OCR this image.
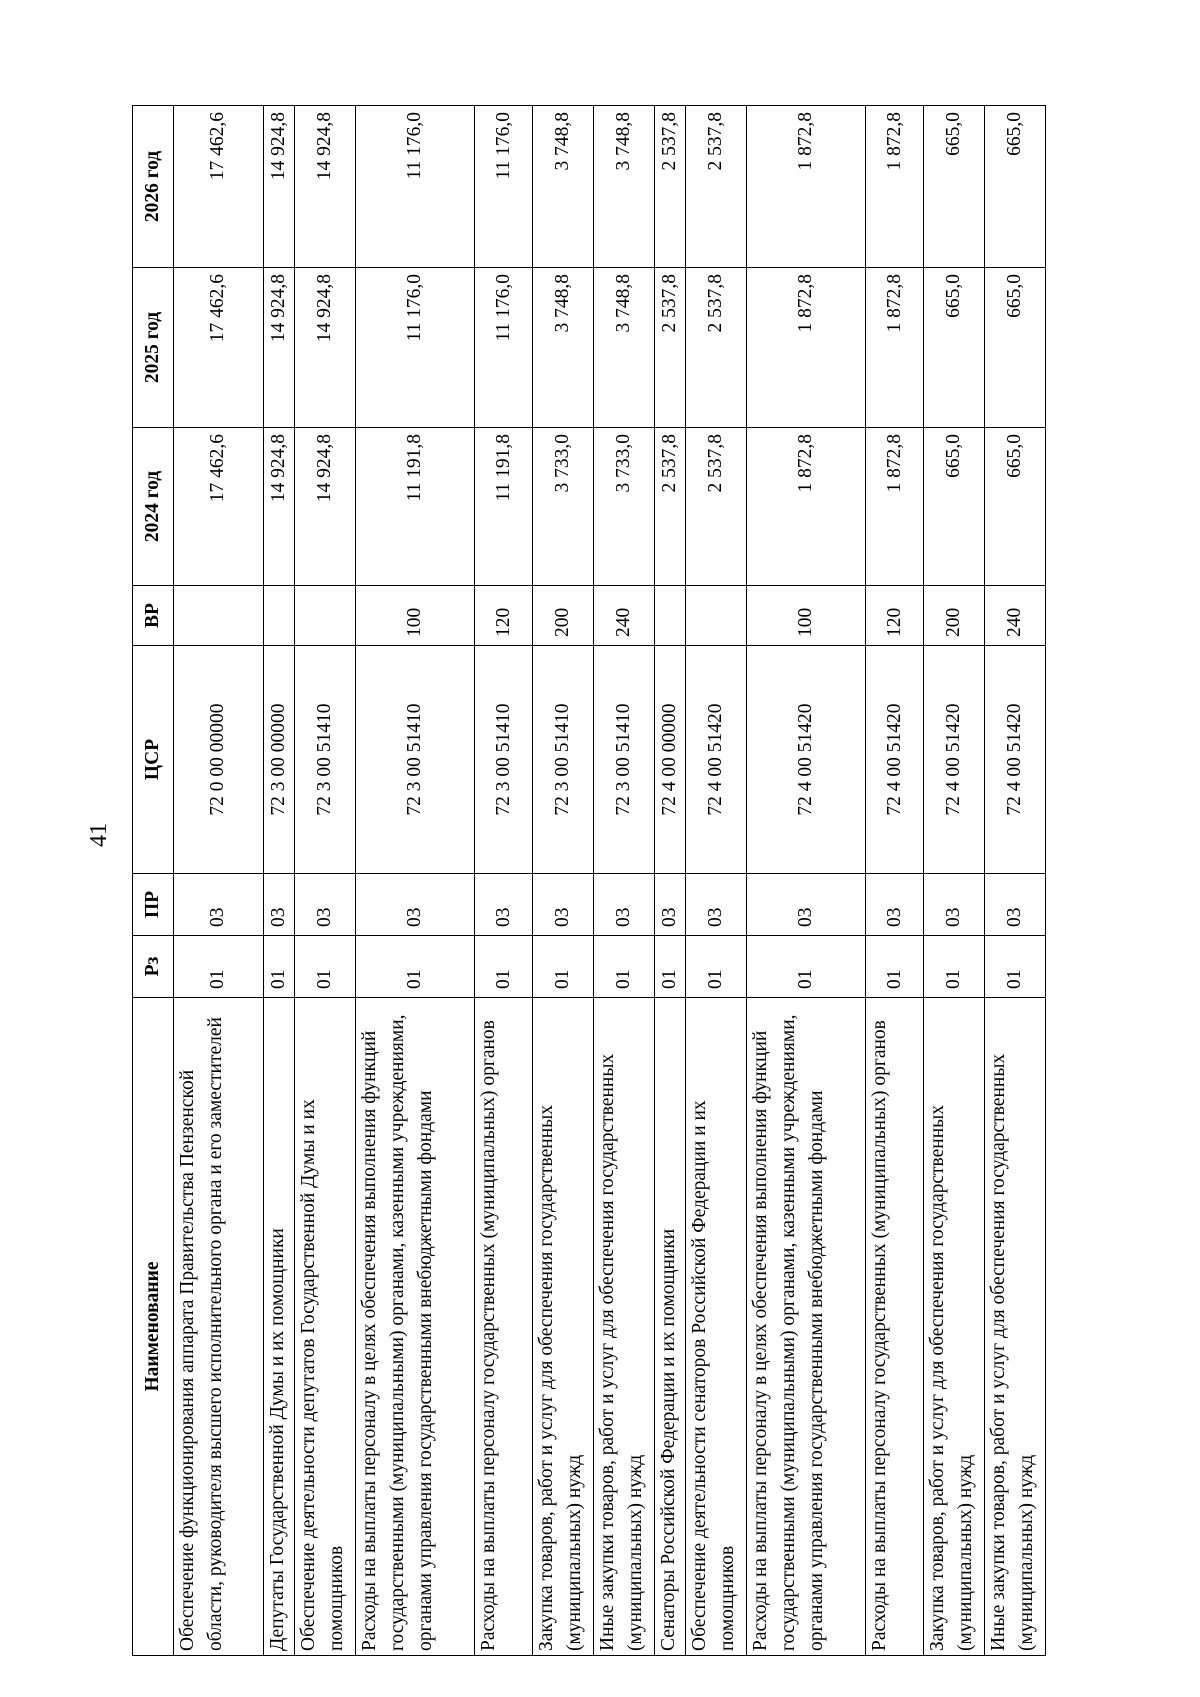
41
Наименование	Рз	ПР	ЦСР	ВР	2024 год	2025 год	2026 год
Обеспечение функционирования аппарата Правительства Пензенской области, руководителя высшего исполнительного органа и его заместителей	01	03	72 0 00 00000		17 462,6	17 462,6	17 462,6
Депутаты Государственной Думы и их помощники	01	03	72 3 00 00000		14 924,8	14 924,8	14 924,8
Обеспечение деятельности депутатов Государственной Думы и их помощников	01	03	72 3 00 51410		14 924,8	14 924,8	14 924,8
Расходы на выплаты персоналу в целях обеспечения выполнения функций государственными (муниципальными) органами, казенными учреждениями, органами управления государственными внебюджетными фондами	01	03	72 3 00 51410	100	11 191,8	11 176,0	11 176,0
Расходы на выплаты персоналу государственных (муниципальных) органов	01	03	72 3 00 51410	120	11 191,8	11 176,0	11 176,0
Закупка товаров, работ и услуг для обеспечения государственных (муниципальных) нужд	01	03	72 3 00 51410	200	3 733,0	3 748,8	3 748,8
Иные закупки товаров, работ и услуг для обеспечения государственных (муниципальных) нужд	01	03	72 3 00 51410	240	3 733,0	3 748,8	3 748,8
Сенаторы Российской Федерации и их помощники	01	03	72 4 00 00000		2 537,8	2 537,8	2 537,8
Обеспечение деятельности сенаторов Российской Федерации и их помощников	01	03	72 4 00 51420		2 537,8	2 537,8	2 537,8
Расходы на выплаты персоналу в целях обеспечения выполнения функций государственными (муниципальными) органами, казенными учреждениями, органами управления государственными внебюджетными фондами	01	03	72 4 00 51420	100	1 872,8	1 872,8	1 872,8
Расходы на выплаты персоналу государственных (муниципальных) органов	01	03	72 4 00 51420	120	1 872,8	1 872,8	1 872,8
Закупка товаров, работ и услуг для обеспечения государственных (муниципальных) нужд	01	03	72 4 00 51420	200	665,0	665,0	665,0
Иные закупки товаров, работ и услуг для обеспечения государственных (муниципальных) нужд	01	03	72 4 00 51420	240	665,0	665,0	665,0
